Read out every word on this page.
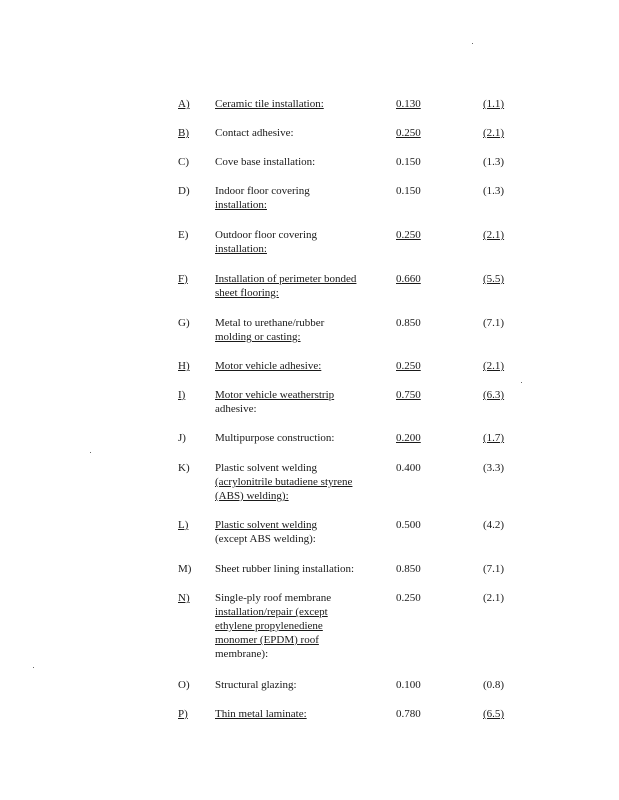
A)	Ceramic tile installation:	0.130	(1.1)
B)	Contact adhesive:	0.250	(2.1)
C)	Cove base installation:	0.150	(1.3)
D)	Indoor floor covering
installation:
0.150	(1.3)
E)	Outdoor floor covering
installation:
0.250	(2.1)
F)	Installation of perimeter bonded
sheet flooring:
0.660	(5.5)
G)	Metal to urethane/rubber
molding or casting:
0.850	(7.1)
H)	Motor vehicle adhesive:	0.250	(2.1)
I)	Motor vehicle weatherstrip
adhesive:
0.750	(6.3)
J)	Multipurpose construction:	0.200	(1.7)
K)	Plastic solvent welding
(acrylonitrile butadiene styrene
(ABS) welding):
0.400	(3.3)
L)	Plastic solvent welding
(except ABS welding):
0.500	(4.2)
M)	Sheet rubber lining installation:	0.850	(7.1)
N)	Single-ply roof membrane
installation/repair (except
ethylene propylenediene
monomer (EPDM) roof
membrane):
0.250	(2.1)
O)	Structural glazing:	0.100	(0.8)
P)	Thin metal laminate:	0.780	(6.5)
